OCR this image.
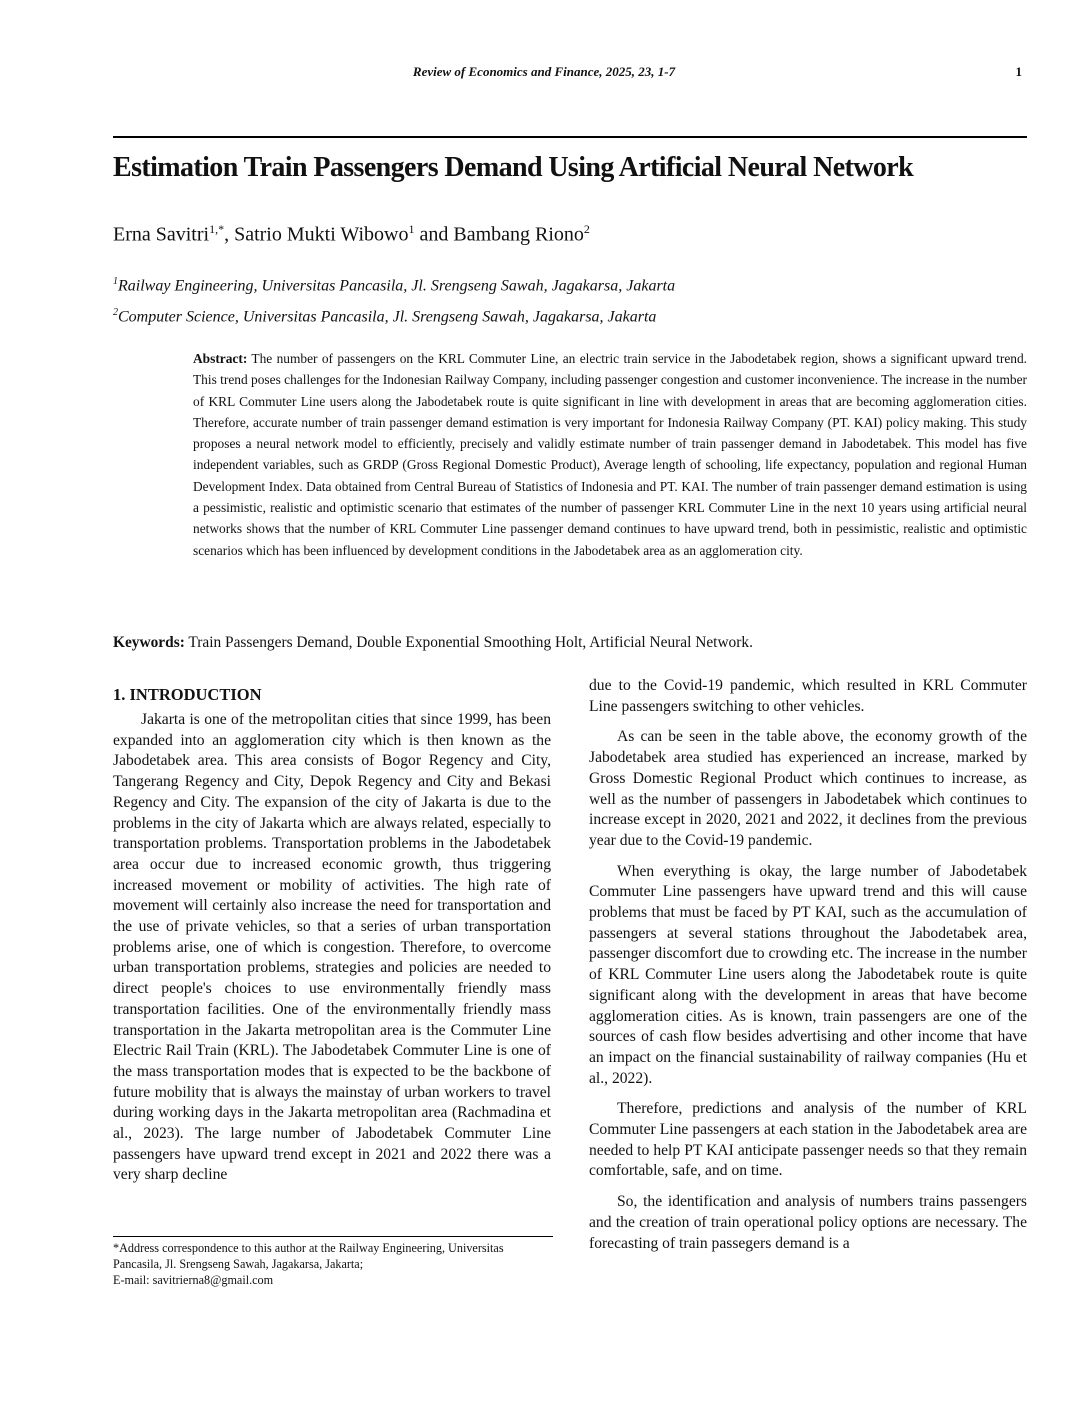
Review of Economics and Finance, 2025, 23, 1-7	1
Estimation Train Passengers Demand Using Artificial Neural Network
Erna Savitri$^{1,*}$, Satrio Mukti Wibowo$^1$ and Bambang Riono$^2$
$^1$Railway Engineering, Universitas Pancasila, Jl. Srengseng Sawah, Jagakarsa, Jakarta
$^2$Computer Science, Universitas Pancasila, Jl. Srengseng Sawah, Jagakarsa, Jakarta

Abstract: The number of passengers on the KRL Commuter Line, an electric train service in the Jabodetabek region, shows a significant upward trend. This trend poses challenges for the Indonesian Railway Company, including passenger congestion and customer inconvenience. The increase in the number of KRL Commuter Line users along the Jabodetabek route is quite significant in line with development in areas that are becoming agglomeration cities. Therefore, accurate number of train passenger demand estimation is very important for Indonesia Railway Company (PT. KAI) policy making. This study proposes a neural network model to efficiently, precisely and validly estimate number of train passenger demand in Jabodetabek. This model has five independent variables, such as GRDP (Gross Regional Domestic Product), Average length of schooling, life expectancy, population and regional Human Development Index. Data obtained from Central Bureau of Statistics of Indonesia and PT. KAI. The number of train passenger demand estimation is using a pessimistic, realistic and optimistic scenario that estimates of the number of passenger KRL Commuter Line in the next 10 years using artificial neural networks shows that the number of KRL Commuter Line passenger demand continues to have upward trend, both in pessimistic, realistic and optimistic scenarios which has been influenced by development conditions in the Jabodetabek area as an agglomeration city.

Keywords: Train Passengers Demand, Double Exponential Smoothing Holt, Artificial Neural Network.

1. INTRODUCTION

Jakarta is one of the metropolitan cities that since 1999, has been expanded into an agglomeration city which is then known as the Jabodetabek area. This area consists of Bogor Regency and City, Tangerang Regency and City, Depok Regency and City and Bekasi Regency and City. The expansion of the city of Jakarta is due to the problems in the city of Jakarta which are always related, especially to transportation problems. Transportation problems in the Jabodetabek area occur due to increased economic growth, thus triggering increased movement or mobility of activities. The high rate of movement will certainly also increase the need for transportation and the use of private vehicles, so that a series of urban transportation problems arise, one of which is congestion. Therefore, to overcome urban transportation problems, strategies and policies are needed to direct people's choices to use environmentally friendly mass transportation facilities. One of the environmentally friendly mass transportation in the Jakarta metropolitan area is the Commuter Line Electric Rail Train (KRL). The Jabodetabek Commuter Line is one of the mass transportation modes that is expected to be the backbone of future mobility that is always the mainstay of urban workers to travel during working days in the Jakarta metropolitan area (Rachmadina et al., 2023). The large number of Jabodetabek Commuter Line passengers have upward trend except in 2021 and 2022 there was a very sharp decline

due to the Covid-19 pandemic, which resulted in KRL Commuter Line passengers switching to other vehicles.

As can be seen in the table above, the economy growth of the Jabodetabek area studied has experienced an increase, marked by Gross Domestic Regional Product which continues to increase, as well as the number of passengers in Jabodetabek which continues to increase except in 2020, 2021 and 2022, it declines from the previous year due to the Covid-19 pandemic.

When everything is okay, the large number of Jabodetabek Commuter Line passengers have upward trend and this will cause problems that must be faced by PT KAI, such as the accumulation of passengers at several stations throughout the Jabodetabek area, passenger discomfort due to crowding etc. The increase in the number of KRL Commuter Line users along the Jabodetabek route is quite significant along with the development in areas that have become agglomeration cities. As is known, train passengers are one of the sources of cash flow besides advertising and other income that have an impact on the financial sustainability of railway companies (Hu et al., 2022).

Therefore, predictions and analysis of the number of KRL Commuter Line passengers at each station in the Jabodetabek area are needed to help PT KAI anticipate passenger needs so that they remain comfortable, safe, and on time.

So, the identification and analysis of numbers trains passengers and the creation of train operational policy options are necessary. The forecasting of train passegers demand is a

*Address correspondence to this author at the Railway Engineering, Universitas Pancasila, Jl. Srengseng Sawah, Jagakarsa, Jakarta;
E-mail: savitrierna8@gmail.com
